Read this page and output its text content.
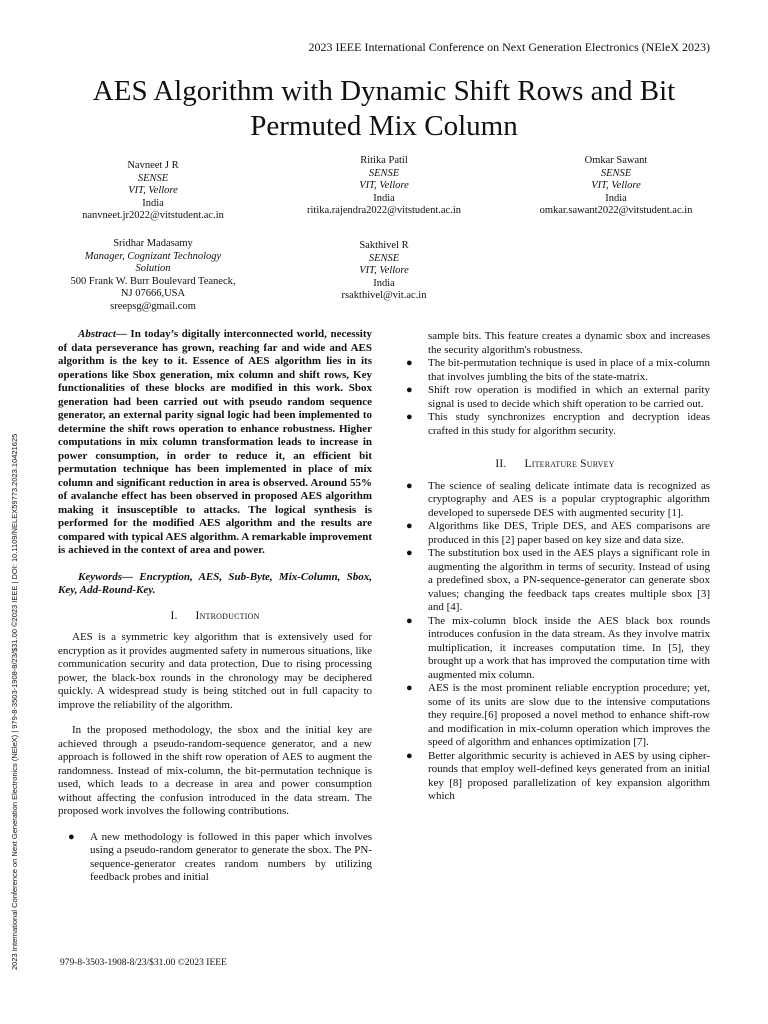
2023 IEEE International Conference on Next Generation Electronics (NEleX 2023)
AES Algorithm with Dynamic Shift Rows and Bit Permuted Mix Column
Navneet J R
SENSE
VIT, Vellore
India
nanvneet.jr2022@vitstudent.ac.in
Ritika Patil
SENSE
VIT, Vellore
India
ritika.rajendra2022@vitstudent.ac.in
Omkar Sawant
SENSE
VIT, Vellore
India
omkar.sawant2022@vitstudent.ac.in
Sridhar Madasamy
Manager, Cognizant Technology Solution
500 Frank W. Burr Boulevard Teaneck,
NJ 07666,USA
sreepsg@gmail.com
Sakthivel R
SENSE
VIT, Vellore
India
rsakthivel@vit.ac.in
2023 International Conference on Next Generation Electronics (NEleX) | 979-8-3503-1908-8/23/$31.00 ©2023 IEEE | DOI: 10.1109/NELEX59773.2023.10421625

Abstract— In today’s digitally interconnected world, necessity of data perseverance has grown, reaching far and wide and AES algorithm is the key to it. Essence of AES algorithm lies in its operations like Sbox generation, mix column and shift rows, Key functionalities of these blocks are modified in this work. Sbox generation had been carried out with pseudo random sequence generator, an external parity signal logic had been implemented to determine the shift rows operation to enhance robustness. Higher computations in mix column transformation leads to increase in power consumption, in order to reduce it, an efficient bit permutation technique has been implemented in place of mix column and significant reduction in area is observed. Around 55% of avalanche effect has been observed in proposed AES algorithm making it insusceptible to attacks. The logical synthesis is performed for the modified AES algorithm and the results are compared with typical AES algorithm. A remarkable improvement is achieved in the context of area and power.

Keywords— Encryption, AES, Sub-Byte, Mix-Column, Sbox, Key, Add-Round-Key.

I. Introduction

AES is a symmetric key algorithm that is extensively used for encryption as it provides augmented safety in numerous situations, like communication security and data protection, Due to rising processing power, the black-box rounds in the chronology may be deciphered quickly. A widespread study is being stitched out in full capacity to improve the reliability of the algorithm.

In the proposed methodology, the sbox and the initial key are achieved through a pseudo-random-sequence generator, and a new approach is followed in the shift row operation of AES to augment the randomness. Instead of mix-column, the bit-permutation technique is used, which leads to a decrease in area and power consumption without affecting the confusion introduced in the data stream. The proposed work involves the following contributions.

● A new methodology is followed in this paper which involves using a pseudo-random generator to generate the sbox. The PN-sequence-generator creates random numbers by utilizing feedback probes and initial

sample bits. This feature creates a dynamic sbox and increases the security algorithm's robustness.

● The bit-permutation technique is used in place of a mix-column that involves jumbling the bits of the state-matrix.
● Shift row operation is modified in which an external parity signal is used to decide which shift operation to be carried out.
● This study synchronizes encryption and decryption ideas crafted in this study for algorithm security.

II. Literature Survey

● The science of sealing delicate intimate data is recognized as cryptography and AES is a popular cryptographic algorithm developed to supersede DES with augmented security [1].
● Algorithms like DES, Triple DES, and AES comparisons are produced in this [2] paper based on key size and data size.
● The substitution box used in the AES plays a significant role in augmenting the algorithm in terms of security. Instead of using a predefined sbox, a PN-sequence-generator can generate sbox values; changing the feedback taps creates multiple sbox [3] and [4].
● The mix-column block inside the AES black box rounds introduces confusion in the data stream. As they involve matrix multiplication, it increases computation time. In [5], they brought up a work that has improved the computation time with augmented mix column.
● AES is the most prominent reliable encryption procedure; yet, some of its units are slow due to the intensive computations they require.[6] proposed a novel method to enhance shift-row and modification in mix-column operation which improves the speed of algorithm and enhances optimization [7].
● Better algorithmic security is achieved in AES by using cipher-rounds that employ well-defined keys generated from an initial key [8] proposed parallelization of key expansion algorithm which
979-8-3503-1908-8/23/$31.00 ©2023 IEEE
